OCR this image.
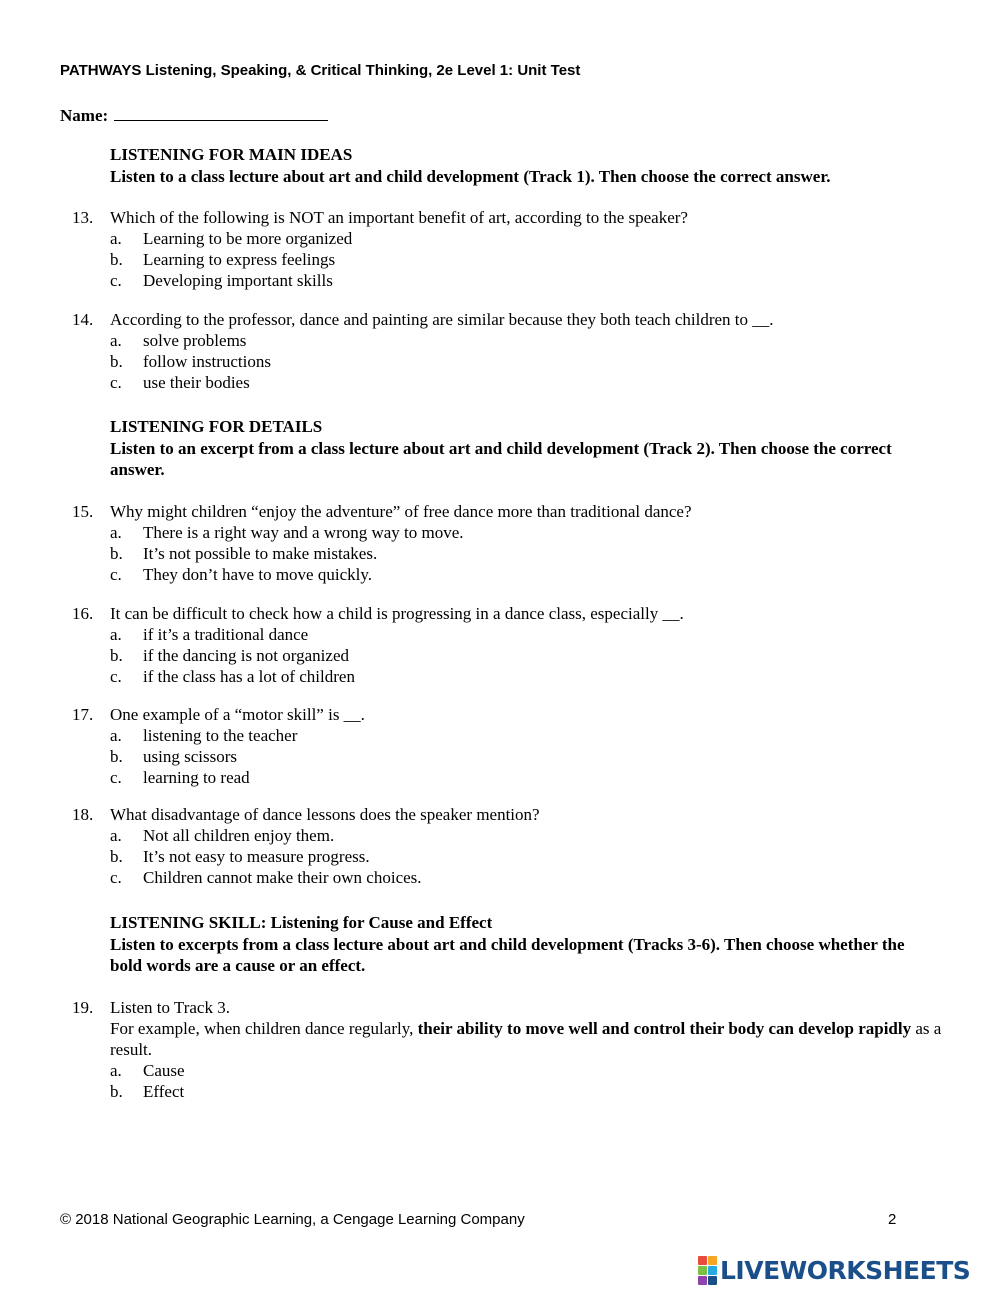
PATHWAYS Listening, Speaking, & Critical Thinking, 2e Level 1: Unit Test
Name:
LISTENING FOR MAIN IDEAS
Listen to a class lecture about art and child development (Track 1). Then choose the correct answer.
13. Which of the following is NOT an important benefit of art, according to the speaker?
a. Learning to be more organized
b. Learning to express feelings
c. Developing important skills
14. According to the professor, dance and painting are similar because they both teach children to __.
a. solve problems
b. follow instructions
c. use their bodies
LISTENING FOR DETAILS
Listen to an excerpt from a class lecture about art and child development (Track 2). Then choose the correct answer.
15. Why might children “enjoy the adventure” of free dance more than traditional dance?
a. There is a right way and a wrong way to move.
b. It’s not possible to make mistakes.
c. They don’t have to move quickly.
16. It can be difficult to check how a child is progressing in a dance class, especially __.
a. if it’s a traditional dance
b. if the dancing is not organized
c. if the class has a lot of children
17. One example of a “motor skill” is __.
a. listening to the teacher
b. using scissors
c. learning to read
18. What disadvantage of dance lessons does the speaker mention?
a. Not all children enjoy them.
b. It’s not easy to measure progress.
c. Children cannot make their own choices.
LISTENING SKILL: Listening for Cause and Effect
Listen to excerpts from a class lecture about art and child development (Tracks 3-6). Then choose whether the bold words are a cause or an effect.
19. Listen to Track 3.
For example, when children dance regularly, their ability to move well and control their body can develop rapidly as a result.
a. Cause
b. Effect
© 2018 National Geographic Learning, a Cengage Learning Company	2
LIVEWORKSHEETS
